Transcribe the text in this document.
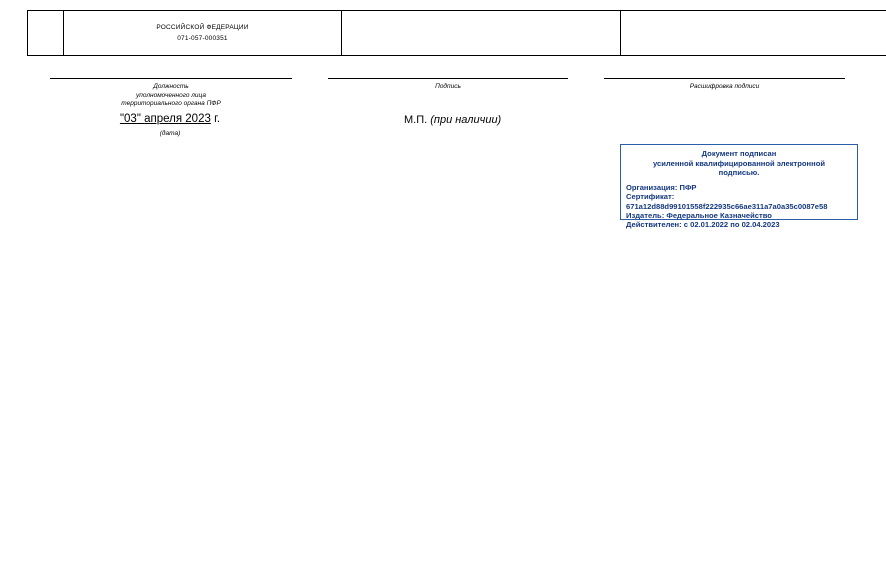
РОССИЙСКОЙ ФЕДЕРАЦИИ
071-057-000351

Должность
уполномоченного лица
территориального органа ПФР
Подпись	Расшифровка подписи
"03" апреля 2023 г.
(дата)
М.П. (при наличии)
Документ подписан
усиленной квалифицированной электронной
подписью.
Организация: ПФР
Сертификат:
671a12d88d99101558f222935c66ae311a7a0a35c0087e58
Издатель: Федеральное Казначейство
Действителен: с 02.01.2022 по 02.04.2023
